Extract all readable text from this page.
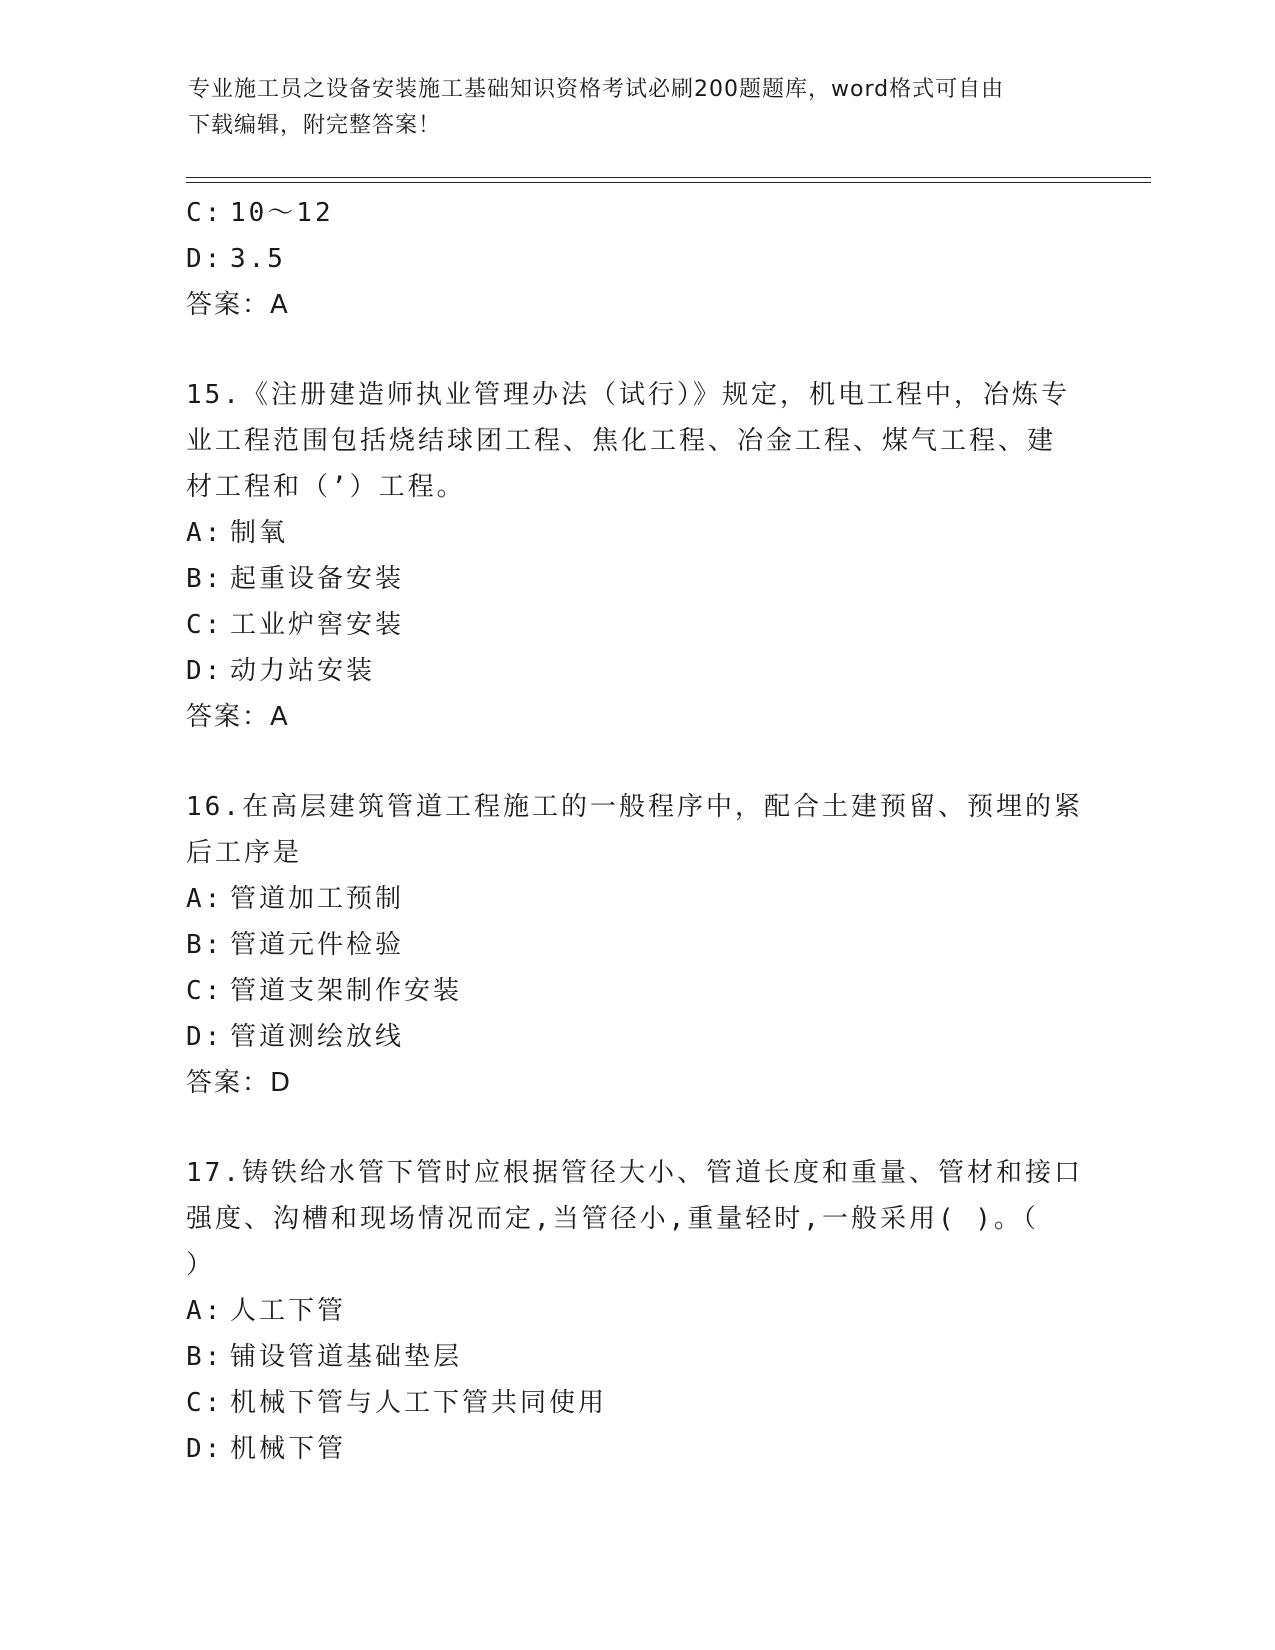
专业施工员之设备安装施工基础知识资格考试必刷200题题库，word格式可自由
下载编辑，附完整答案！
C: 10～12
D: 3.5
答案：A
15.《注册建造师执业管理办法（试行）》规定，机电工程中，冶炼专
业工程范围包括烧结球团工程、焦化工程、冶金工程、煤气工程、建
材工程和（’）工程。
A: 制氧
B: 起重设备安装
C: 工业炉窖安装
D: 动力站安装
答案：A
16.在高层建筑管道工程施工的一般程序中，配合土建预留、预埋的紧
后工序是
A: 管道加工预制
B: 管道元件检验
C: 管道支架制作安装
D: 管道测绘放线
答案：D
17.铸铁给水管下管时应根据管径大小、管道长度和重量、管材和接口
强度、沟槽和现场情况而定,当管径小,重量轻时,一般采用( )。（
）
A: 人工下管
B: 铺设管道基础垫层
C: 机械下管与人工下管共同使用
D: 机械下管
